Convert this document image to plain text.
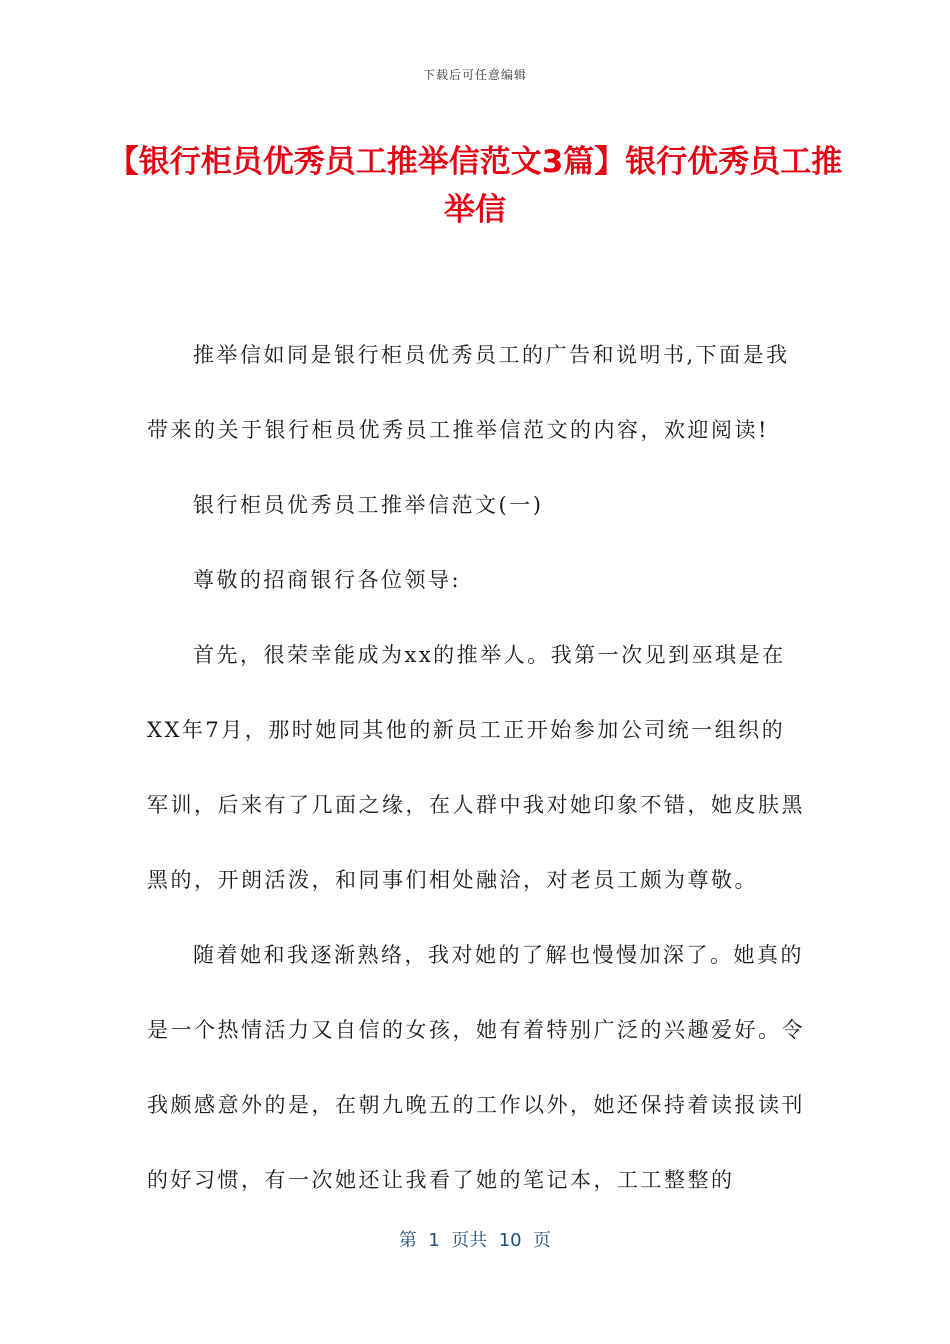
下载后可任意编辑
【银行柜员优秀员工推举信范文3篇】银行优秀员工推举信

推举信如同是银行柜员优秀员工的广告和说明书,下面是我带来的关于银行柜员优秀员工推举信范文的内容，欢迎阅读!

银行柜员优秀员工推举信范文(一)

尊敬的招商银行各位领导:

首先，很荣幸能成为xx的推举人。我第一次见到巫琪是在XX年7月，那时她同其他的新员工正开始参加公司统一组织的军训，后来有了几面之缘，在人群中我对她印象不错，她皮肤黑黑的，开朗活泼，和同事们相处融洽，对老员工颇为尊敬。

随着她和我逐渐熟络，我对她的了解也慢慢加深了。她真的是一个热情活力又自信的女孩，她有着特别广泛的兴趣爱好。令我颇感意外的是，在朝九晚五的工作以外，她还保持着读报读刊的好习惯，有一次她还让我看了她的笔记本，工工整整的

第  1  页共  10  页
